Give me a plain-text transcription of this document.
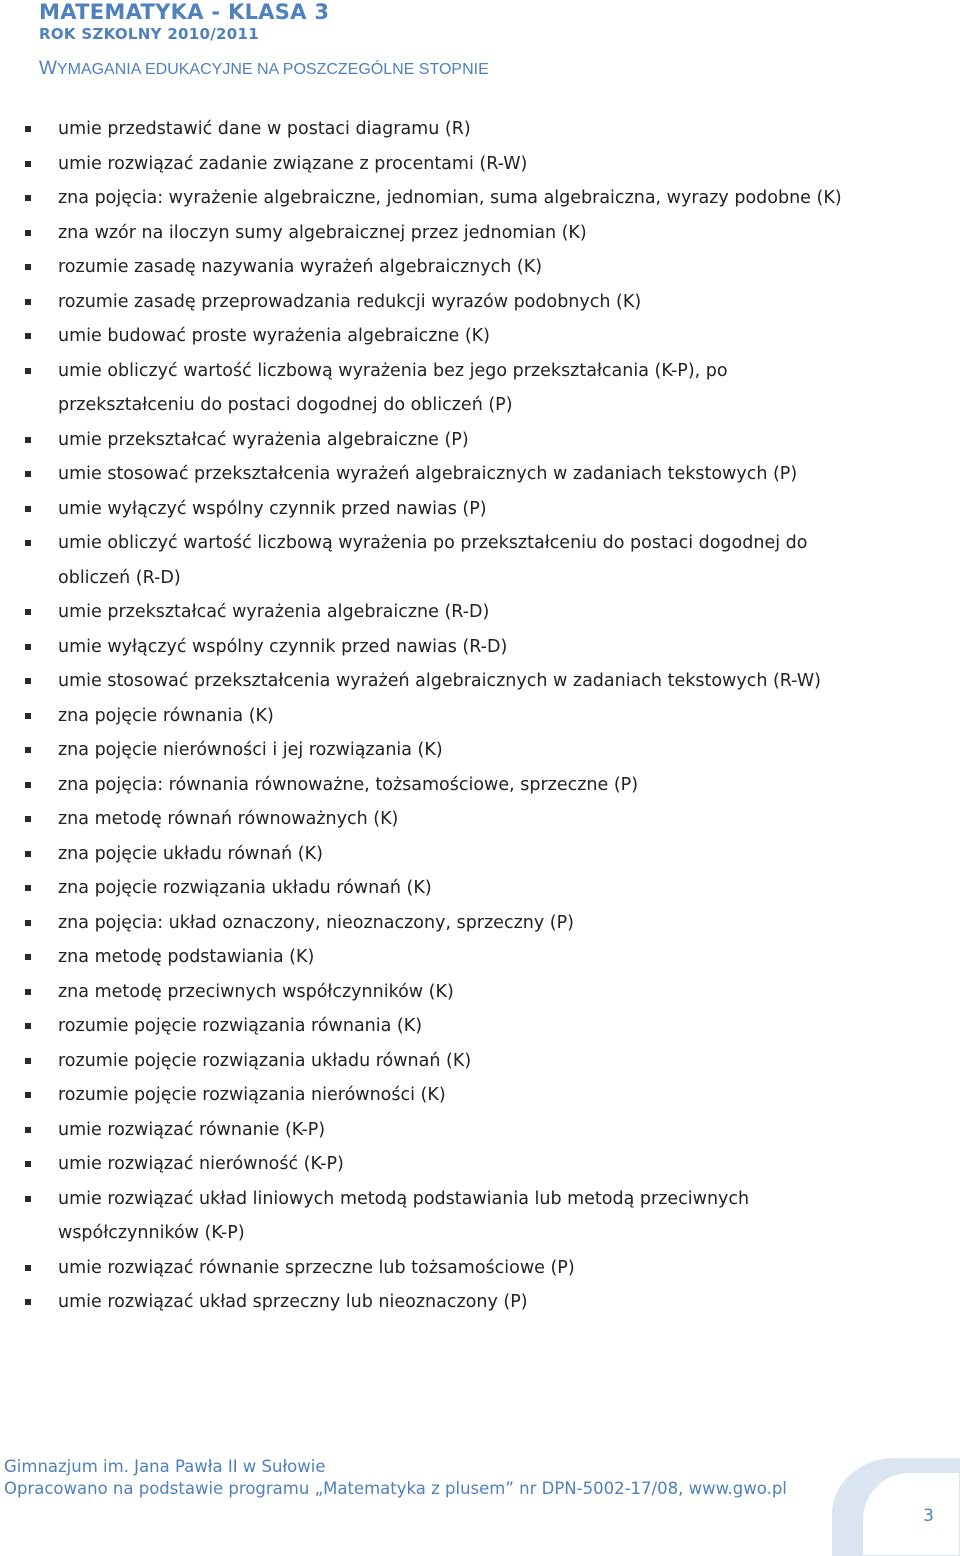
MATEMATYKA - KLASA 3
ROK SZKOLNY 2010/2011
WYMAGANIA EDUKACYJNE NA POSZCZEGÓLNE STOPNIE
umie przedstawić dane w postaci diagramu (R)
umie rozwiązać zadanie związane z procentami (R-W)
zna pojęcia: wyrażenie algebraiczne, jednomian, suma algebraiczna, wyrazy podobne (K)
zna wzór na iloczyn sumy algebraicznej przez jednomian (K)
rozumie zasadę nazywania wyrażeń algebraicznych (K)
rozumie zasadę przeprowadzania redukcji wyrazów podobnych (K)
umie budować proste wyrażenia algebraiczne (K)
umie obliczyć wartość liczbową wyrażenia bez jego przekształcania (K-P), po przekształceniu do postaci dogodnej do obliczeń (P)
umie przekształcać wyrażenia algebraiczne (P)
umie stosować przekształcenia wyrażeń algebraicznych w zadaniach tekstowych (P)
umie wyłączyć wspólny czynnik przed nawias (P)
umie obliczyć wartość liczbową wyrażenia po przekształceniu do postaci dogodnej do obliczeń (R-D)
umie przekształcać wyrażenia algebraiczne (R-D)
umie wyłączyć wspólny czynnik przed nawias (R-D)
umie stosować przekształcenia wyrażeń algebraicznych w zadaniach tekstowych (R-W)
zna pojęcie równania (K)
zna pojęcie nierówności i jej rozwiązania (K)
zna pojęcia: równania równoważne, tożsamościowe, sprzeczne (P)
zna metodę równań równoważnych (K)
zna pojęcie układu równań (K)
zna pojęcie rozwiązania układu równań (K)
zna pojęcia: układ oznaczony, nieoznaczony, sprzeczny (P)
zna metodę podstawiania (K)
zna metodę przeciwnych współczynników (K)
rozumie pojęcie rozwiązania równania (K)
rozumie pojęcie rozwiązania układu równań (K)
rozumie pojęcie rozwiązania nierówności (K)
umie rozwiązać równanie (K-P)
umie rozwiązać nierówność (K-P)
umie rozwiązać układ liniowych metodą podstawiania lub metodą przeciwnych współczynników (K-P)
umie rozwiązać równanie sprzeczne lub tożsamościowe (P)
umie rozwiązać układ sprzeczny lub nieoznaczony (P)
Gimnazjum im. Jana Pawła II w Sułowie
Opracowano na podstawie programu „Matematyka z plusem” nr DPN-5002-17/08, www.gwo.pl
3
